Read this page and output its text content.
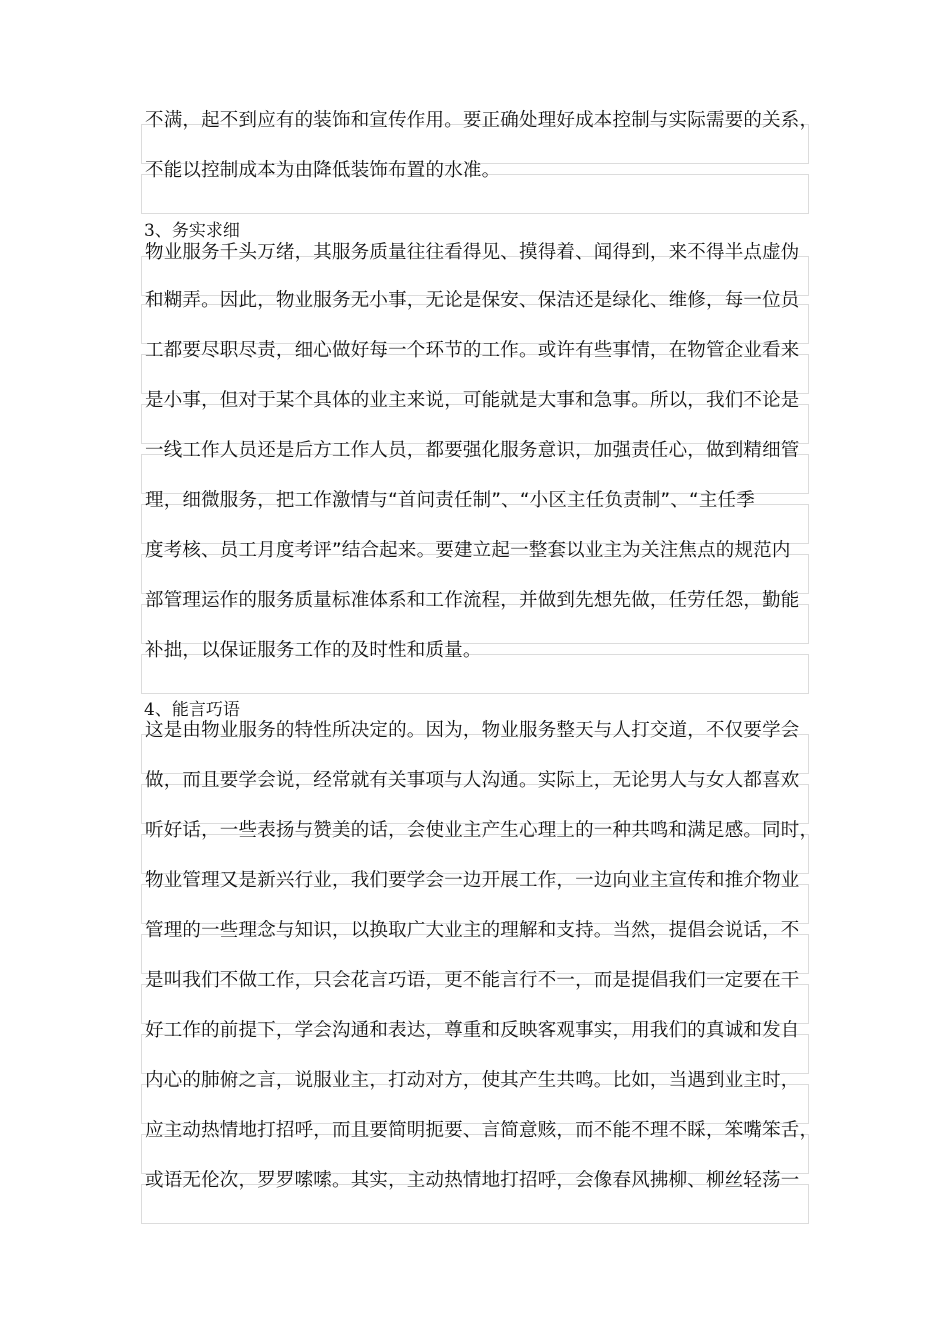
不满，起不到应有的装饰和宣传作用。要正确处理好成本控制与实际需要的关系，
不能以控制成本为由降低装饰布置的水准。
3、务实求细
物业服务千头万绪，其服务质量往往看得见、摸得着、闻得到，来不得半点虚伪
和糊弄。因此，物业服务无小事，无论是保安、保洁还是绿化、维修，每一位员
工都要尽职尽责，细心做好每一个环节的工作。或许有些事情，在物管企业看来
是小事，但对于某个具体的业主来说，可能就是大事和急事。所以，我们不论是
一线工作人员还是后方工作人员，都要强化服务意识，加强责任心，做到精细管
理，细微服务，把工作激情与“首问责任制”、“小区主任负责制”、“主任季
度考核、员工月度考评”结合起来。要建立起一整套以业主为关注焦点的规范内
部管理运作的服务质量标准体系和工作流程，并做到先想先做，任劳任怨，勤能
补拙，以保证服务工作的及时性和质量。
4、能言巧语
这是由物业服务的特性所决定的。因为，物业服务整天与人打交道，不仅要学会
做，而且要学会说，经常就有关事项与人沟通。实际上，无论男人与女人都喜欢
听好话，一些表扬与赞美的话，会使业主产生心理上的一种共鸣和满足感。同时，
物业管理又是新兴行业，我们要学会一边开展工作，一边向业主宣传和推介物业
管理的一些理念与知识，以换取广大业主的理解和支持。当然，提倡会说话，不
是叫我们不做工作，只会花言巧语，更不能言行不一，而是提倡我们一定要在干
好工作的前提下，学会沟通和表达，尊重和反映客观事实，用我们的真诚和发自
内心的肺俯之言，说服业主，打动对方，使其产生共鸣。比如，当遇到业主时，
应主动热情地打招呼，而且要简明扼要、言简意赅，而不能不理不睬，笨嘴笨舌，
或语无伦次，罗罗嗦嗦。其实，主动热情地打招呼，会像春风拂柳、柳丝轻荡一
